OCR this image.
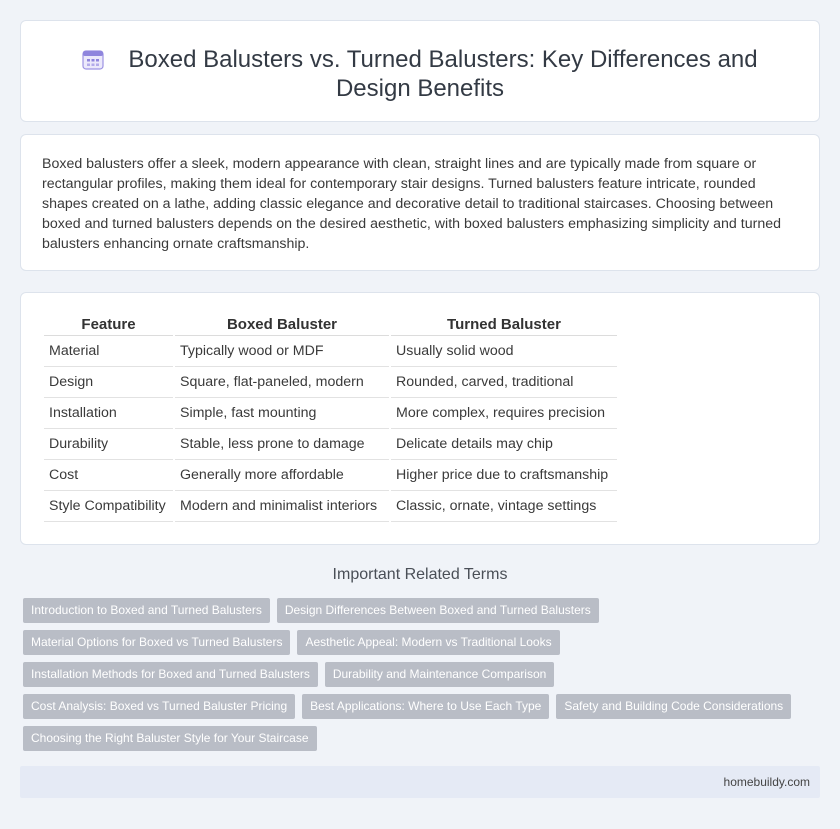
Boxed Balusters vs. Turned Balusters: Key Differences and Design Benefits

Boxed balusters offer a sleek, modern appearance with clean, straight lines and are typically made from square or rectangular profiles, making them ideal for contemporary stair designs. Turned balusters feature intricate, rounded shapes created on a lathe, adding classic elegance and decorative detail to traditional staircases. Choosing between boxed and turned balusters depends on the desired aesthetic, with boxed balusters emphasizing simplicity and turned balusters enhancing ornate craftsmanship.

Feature	Boxed Baluster	Turned Baluster
Material	Typically wood or MDF	Usually solid wood
Design	Square, flat-paneled, modern	Rounded, carved, traditional
Installation	Simple, fast mounting	More complex, requires precision
Durability	Stable, less prone to damage	Delicate details may chip
Cost	Generally more affordable	Higher price due to craftsmanship
Style Compatibility	Modern and minimalist interiors	Classic, ornate, vintage settings
Important Related Terms
Introduction to Boxed and Turned Balusters	Design Differences Between Boxed and Turned Balusters
Material Options for Boxed vs Turned Balusters	Aesthetic Appeal: Modern vs Traditional Looks
Installation Methods for Boxed and Turned Balusters	Durability and Maintenance Comparison
Cost Analysis: Boxed vs Turned Baluster Pricing	Best Applications: Where to Use Each Type	Safety and Building Code Considerations
Choosing the Right Baluster Style for Your Staircase
homebuildy.com
